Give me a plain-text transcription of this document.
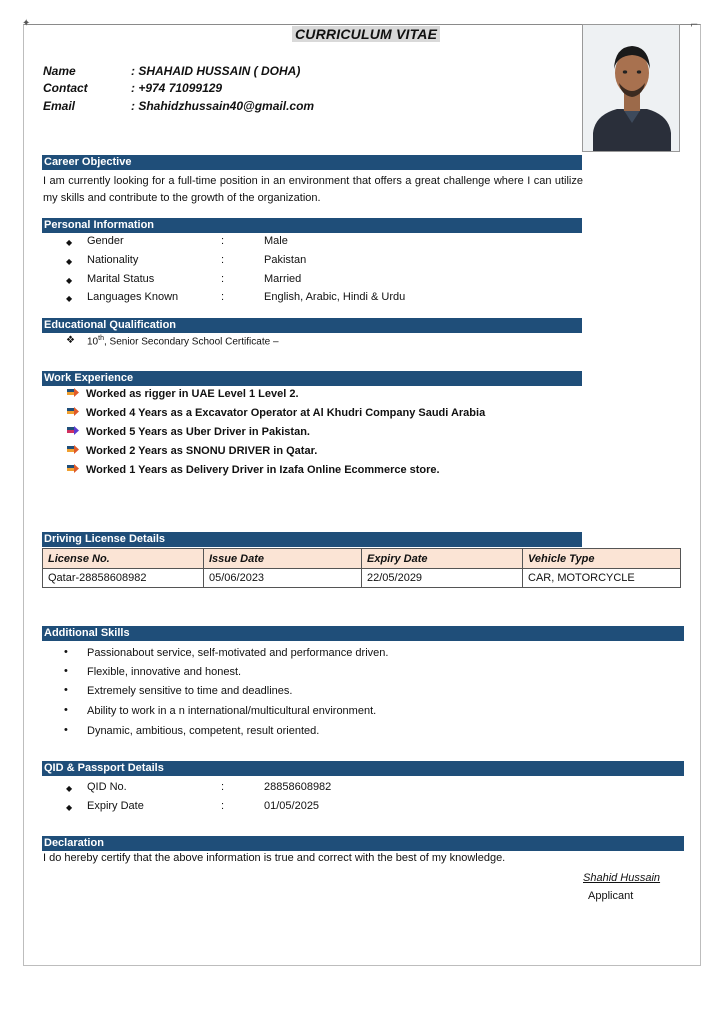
✦	⌐
CURRICULUM VITAE
Name	: SHAHAID HUSSAIN ( DOHA)
Contact	: +974 71099129
Email	: Shahidzhussain40@gmail.com
Career Objective
I am currently looking for a full-time position in an environment that offers a great challenge where I can utilize my skills and contribute to the growth of the organization.
Personal Information
◆ Gender	:	Male
◆ Nationality	:	Pakistan
◆ Marital Status	:	Married
◆ Languages Known	:	English, Arabic, Hindi & Urdu
Educational Qualification
❖ 10th, Senior Secondary School Certificate –
Work Experience
Worked as rigger in UAE Level 1 Level 2.
Worked 4 Years as a Excavator Operator at Al Khudri Company Saudi Arabia
Worked 5 Years as Uber Driver in Pakistan.
Worked 2 Years as SNONU DRIVER in Qatar.
Worked 1 Years as Delivery Driver in Izafa Online Ecommerce store.
Driving License Details
License No.	Issue Date	Expiry Date	Vehicle Type
Qatar-28858608982	05/06/2023	22/05/2029	CAR, MOTORCYCLE
Additional Skills
• Passionabout service, self-motivated and performance driven.
• Flexible, innovative and honest.
• Extremely sensitive to time and deadlines.
• Ability to work in a n international/multicultural environment.
• Dynamic, ambitious, competent, result oriented.
QID & Passport Details
◆ QID No.	:	28858608982
◆ Expiry Date	:	01/05/2025
Declaration
I do hereby certify that the above information is true and correct with the best of my knowledge.
Shahid Hussain
Applicant
